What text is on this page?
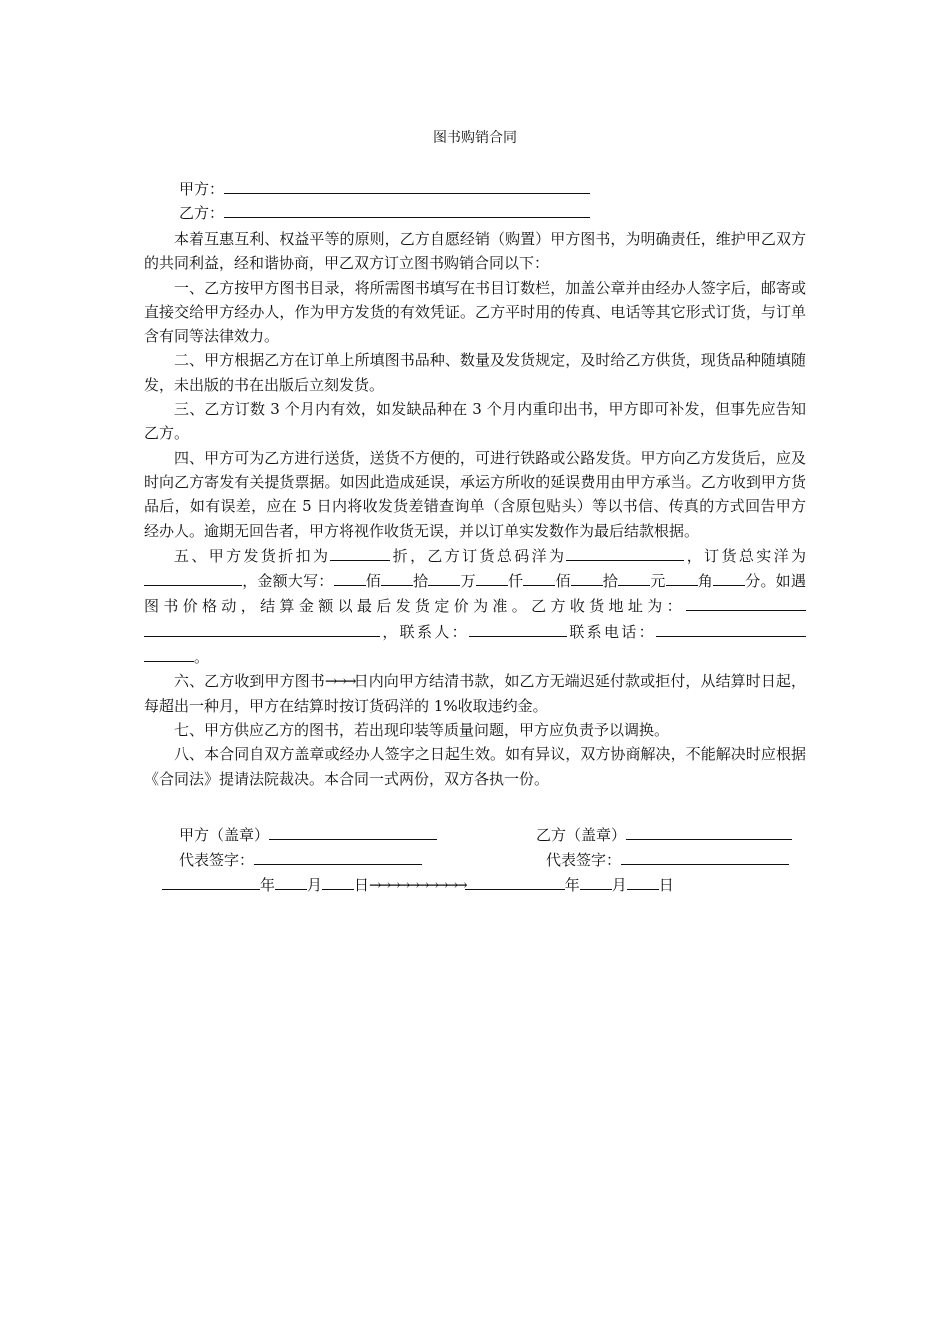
图书购销合同
甲方：
乙方：

本着互惠互利、权益平等的原则，乙方自愿经销（购置）甲方图书，为明确责任，维护甲乙双方的共同利益，经和谐协商，甲乙双方订立图书购销合同以下：

一、乙方按甲方图书目录，将所需图书填写在书目订数栏，加盖公章并由经办人签字后，邮寄或直接交给甲方经办人，作为甲方发货的有效凭证。乙方平时用的传真、电话等其它形式订货，与订单含有同等法律效力。

二、甲方根据乙方在订单上所填图书品种、数量及发货规定，及时给乙方供货，现货品种随填随发，未出版的书在出版后立刻发货。

三、乙方订数 3 个月内有效，如发缺品种在 3 个月内重印出书，甲方即可补发，但事先应告知乙方。

四、甲方可为乙方进行送货，送货不方便的，可进行铁路或公路发货。甲方向乙方发货后，应及时向乙方寄发有关提货票据。如因此造成延误，承运方所收的延误费用由甲方承当。乙方收到甲方货品后，如有误差，应在 5 日内将收发货差错查询单（含原包贴头）等以书信、传真的方式回告甲方经办人。逾期无回告者，甲方将视作收货无误，并以订单实发数作为最后结款根据。

五、甲方发货折扣为	折，乙方订货总码洋为	，订货总实洋为，金额大写： 佰 拾 万 仟 佰 拾 元 角 分。如遇图书价格动，结算金额以最后发货定价为准。乙方收货地址为：，联系人：	联系电话：。

六、乙方收到甲方图书→→→日内向甲方结清书款，如乙方无端迟延付款或拒付，从结算时日起，每超出一种月，甲方在结算时按订货码洋的 1%收取违约金。

七、甲方供应乙方的图书，若出现印装等质量问题，甲方应负责予以调换。

八、本合同自双方盖章或经办人签字之日起生效。如有异议，双方协商解决，不能解决时应根据《合同法》提请法院裁决。本合同一式两份，双方各执一份。

甲方（盖章）	乙方（盖章）
代表签字：	代表签字：
年 月 日→→→→→→→→→→	年 月 日
